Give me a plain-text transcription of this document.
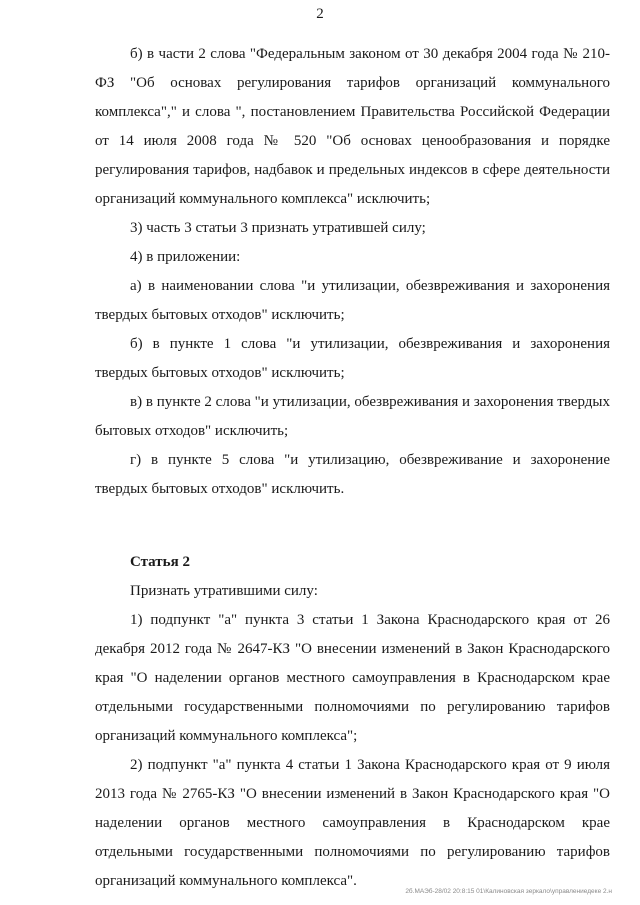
2

б) в части 2 слова "Федеральным законом от 30 декабря 2004 года № 210-ФЗ "Об основах регулирования тарифов организаций коммунального комплекса"," и слова ", постановлением Правительства Российской Федерации от 14 июля 2008 года № 520 "Об основах ценообразования и порядке регулирования тарифов, надбавок и предельных индексов в сфере деятельности организаций коммунального комплекса" исключить;

3) часть 3 статьи 3 признать утратившей силу;

4) в приложении:

а) в наименовании слова "и утилизации, обезвреживания и захоронения твердых бытовых отходов" исключить;

б) в пункте 1 слова "и утилизации, обезвреживания и захоронения твердых бытовых отходов" исключить;

в) в пункте 2 слова "и утилизации, обезвреживания и захоронения твердых бытовых отходов" исключить;

г) в пункте 5 слова "и утилизацию, обезвреживание и захоронение твердых бытовых отходов" исключить.

Статья 2

Признать утратившими силу:

1) подпункт "а" пункта 3 статьи 1 Закона Краснодарского края от 26 декабря 2012 года № 2647-КЗ "О внесении изменений в Закон Краснодарского края "О наделении органов местного самоуправления в Краснодарском крае отдельными государственными полномочиями по регулированию тарифов организаций коммунального комплекса";

2) подпункт "а" пункта 4 статьи 1 Закона Краснодарского края от 9 июля 2013 года № 2765-КЗ "О внесении изменений в Закон Краснодарского края "О наделении органов местного самоуправления в Краснодарском крае отдельными государственными полномочиями по регулированию тарифов организаций коммунального комплекса".

2б.МАЭб-28/02 20:8:15 01\Калиновская зеркало\управлениедеке 2.н
